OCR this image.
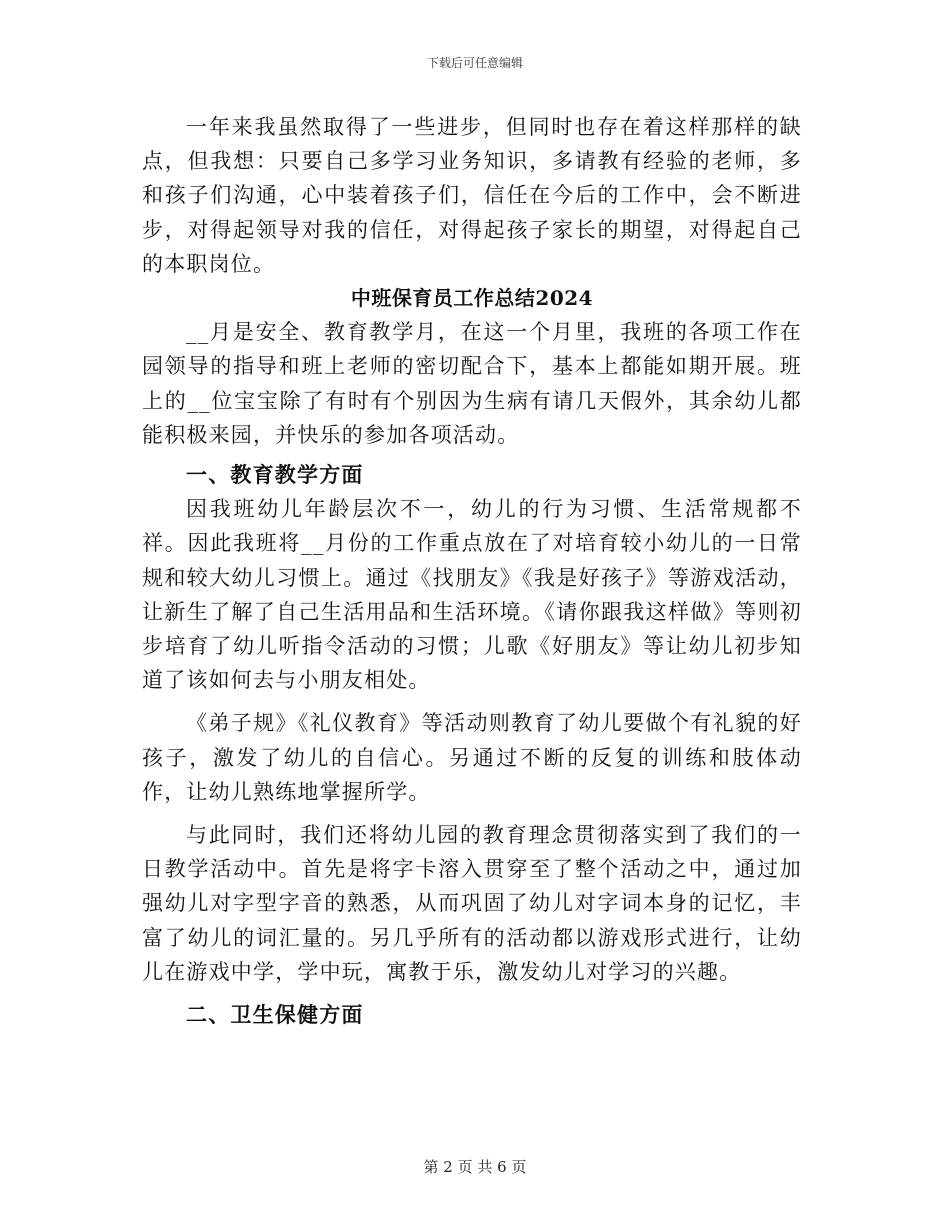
下载后可任意编辑

一年来我虽然取得了一些进步，但同时也存在着这样那样的缺点，但我想：只要自己多学习业务知识，多请教有经验的老师，多和孩子们沟通，心中装着孩子们，信任在今后的工作中，会不断进步，对得起领导对我的信任，对得起孩子家长的期望，对得起自己的本职岗位。

中班保育员工作总结2024

__月是安全、教育教学月，在这一个月里，我班的各项工作在园领导的指导和班上老师的密切配合下，基本上都能如期开展。班上的__位宝宝除了有时有个别因为生病有请几天假外，其余幼儿都能积极来园，并快乐的参加各项活动。

一、教育教学方面

因我班幼儿年龄层次不一，幼儿的行为习惯、生活常规都不祥。因此我班将__月份的工作重点放在了对培育较小幼儿的一日常规和较大幼儿习惯上。通过《找朋友》《我是好孩子》等游戏活动，让新生了解了自己生活用品和生活环境。《请你跟我这样做》等则初步培育了幼儿听指令活动的习惯；儿歌《好朋友》等让幼儿初步知道了该如何去与小朋友相处。

《弟子规》《礼仪教育》等活动则教育了幼儿要做个有礼貌的好孩子，激发了幼儿的自信心。另通过不断的反复的训练和肢体动作，让幼儿熟练地掌握所学。

与此同时，我们还将幼儿园的教育理念贯彻落实到了我们的一日教学活动中。首先是将字卡溶入贯穿至了整个活动之中，通过加强幼儿对字型字音的熟悉，从而巩固了幼儿对字词本身的记忆，丰富了幼儿的词汇量的。另几乎所有的活动都以游戏形式进行，让幼儿在游戏中学，学中玩，寓教于乐，激发幼儿对学习的兴趣。

二、卫生保健方面

第 2 页 共 6 页
